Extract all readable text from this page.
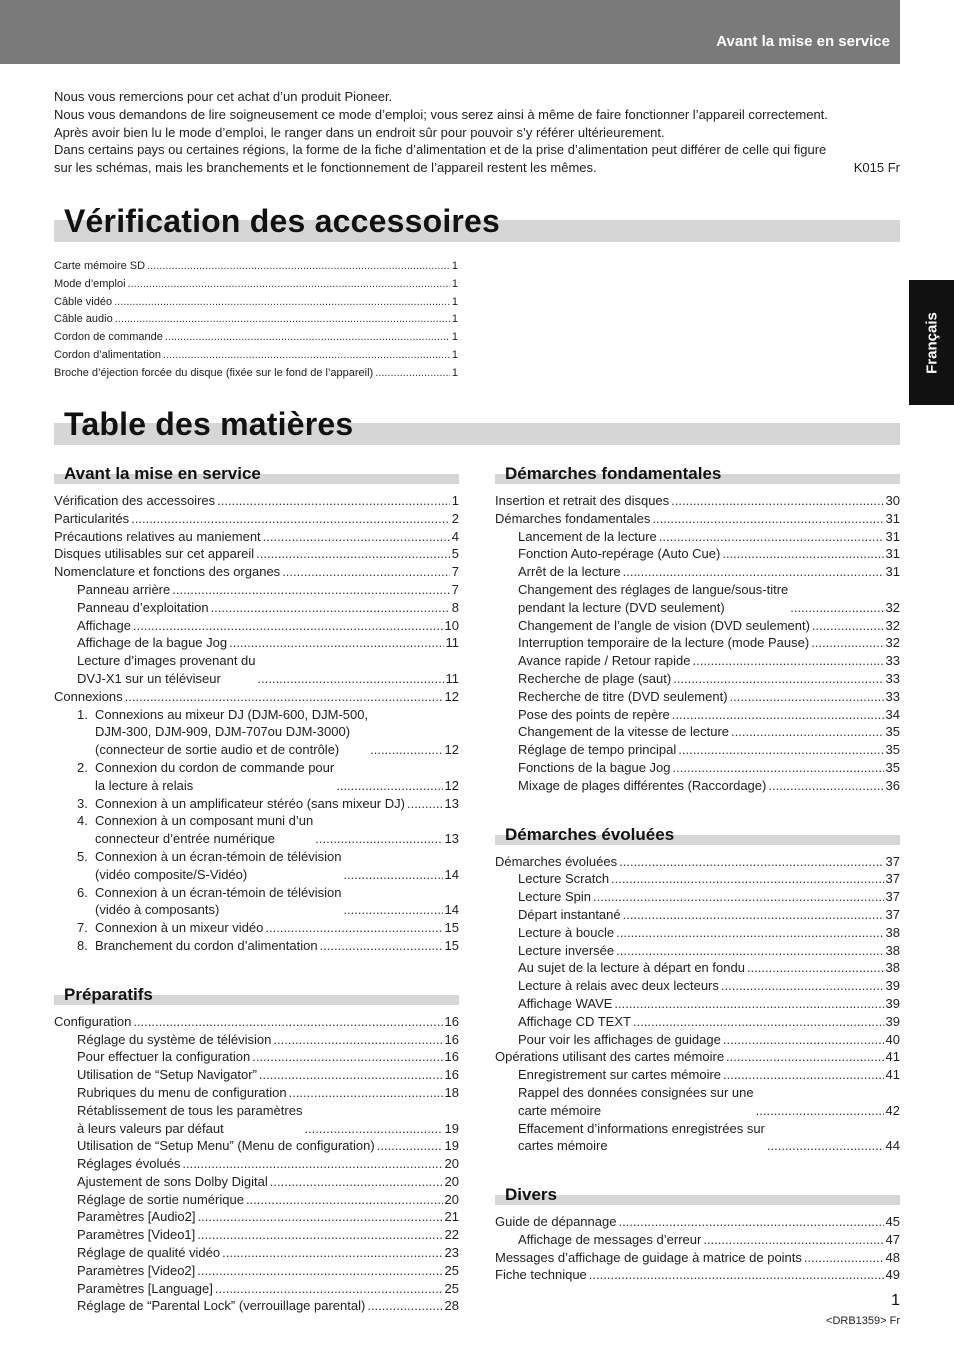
Avant la mise en service
Français

Nous vous remercions pour cet achat d’un produit Pioneer.

Nous vous demandons de lire soigneusement ce mode d’emploi; vous serez ainsi à même de faire fonctionner l’appareil correctement.

Après avoir bien lu le mode d’emploi, le ranger dans un endroit sûr pour pouvoir s’y référer ultérieurement.

Dans certains pays ou certaines régions, la forme de la fiche d’alimentation et de la prise d’alimentation peut différer de celle qui figure

sur les schémas, mais les branchements et le fonctionnement de l’appareil restent les mêmes.	K015 Fr

Vérification des accessoires
Carte mémoire SD .....	1
Mode d’emploi .....	1
Câble vidéo .....	1
Câble audio .....	1
Cordon de commande .....	1
Cordon d’alimentation .....	1
Broche d’éjection forcée du disque (fixée sur le fond de l’appareil) .....	1
Table des matières
Avant la mise en service
Vérification des accessoires .....	1
Particularités .....	2
Précautions relatives au maniement .....	4
Disques utilisables sur cet appareil .....	5
Nomenclature et fonctions des organes .....	7
Panneau arrière .....	7
Panneau d’exploitation .....	8
Affichage .....	10
Affichage de la bague Jog .....	11
Lecture d’images provenant du
DVJ-X1 sur un téléviseur .....	11
Connexions .....	12
1. Connexions au mixeur DJ (DJM-600, DJM-500,
DJM-300, DJM-909, DJM-707ou DJM-3000)
(connecteur de sortie audio et de contrôle) .....	12
2. Connexion du cordon de commande pour
la lecture à relais .....	12
3. Connexion à un amplificateur stéréo (sans mixeur DJ) .....	13
4. Connexion à un composant muni d’un
connecteur d’entrée numérique .....	13
5. Connexion à un écran-témoin de télévision
(vidéo composite/S-Vidéo) .....	14
6. Connexion à un écran-témoin de télévision
(vidéo à composants) .....	14
7. Connexion à un mixeur vidéo .....	15
8. Branchement du cordon d’alimentation .....	15
Préparatifs
Configuration .....	16
Réglage du système de télévision .....	16
Pour effectuer la configuration .....	16
Utilisation de “Setup Navigator” .....	16
Rubriques du menu de configuration .....	18
Rétablissement de tous les paramètres
à leurs valeurs par défaut .....	19
Utilisation de “Setup Menu” (Menu de configuration) .....	19
Réglages évolués .....	20
Ajustement de sons Dolby Digital .....	20
Réglage de sortie numérique .....	20
Paramètres [Audio2] .....	21
Paramètres [Video1] .....	22
Réglage de qualité vidéo .....	23
Paramètres [Video2] .....	25
Paramètres [Language] .....	25
Réglage de “Parental Lock” (verrouillage parental) .....	28
Démarches fondamentales
Insertion et retrait des disques .....	30
Démarches fondamentales .....	31
Lancement de la lecture .....	31
Fonction Auto-repérage (Auto Cue) .....	31
Arrêt de la lecture .....	31
Changement des réglages de langue/sous-titre
pendant la lecture (DVD seulement) .....	32
Changement de l’angle de vision (DVD seulement) .....	32
Interruption temporaire de la lecture (mode Pause) .....	32
Avance rapide / Retour rapide .....	33
Recherche de plage (saut) .....	33
Recherche de titre (DVD seulement) .....	33
Pose des points de repère .....	34
Changement de la vitesse de lecture .....	35
Réglage de tempo principal .....	35
Fonctions de la bague Jog .....	35
Mixage de plages différentes (Raccordage) .....	36
Démarches évoluées
Démarches évoluées .....	37
Lecture Scratch .....	37
Lecture Spin .....	37
Départ instantané .....	37
Lecture à boucle .....	38
Lecture inversée .....	38
Au sujet de la lecture à départ en fondu .....	38
Lecture à relais avec deux lecteurs .....	39
Affichage WAVE .....	39
Affichage CD TEXT .....	39
Pour voir les affichages de guidage .....	40
Opérations utilisant des cartes mémoire .....	41
Enregistrement sur cartes mémoire .....	41
Rappel des données consignées sur une
carte mémoire .....	42
Effacement d’informations enregistrées sur
cartes mémoire .....	44
Divers
Guide de dépannage .....	45
Affichage de messages d’erreur .....	47
Messages d’affichage de guidage à matrice de points .....	48
Fiche technique .....	49
1
<DRB1359> Fr
